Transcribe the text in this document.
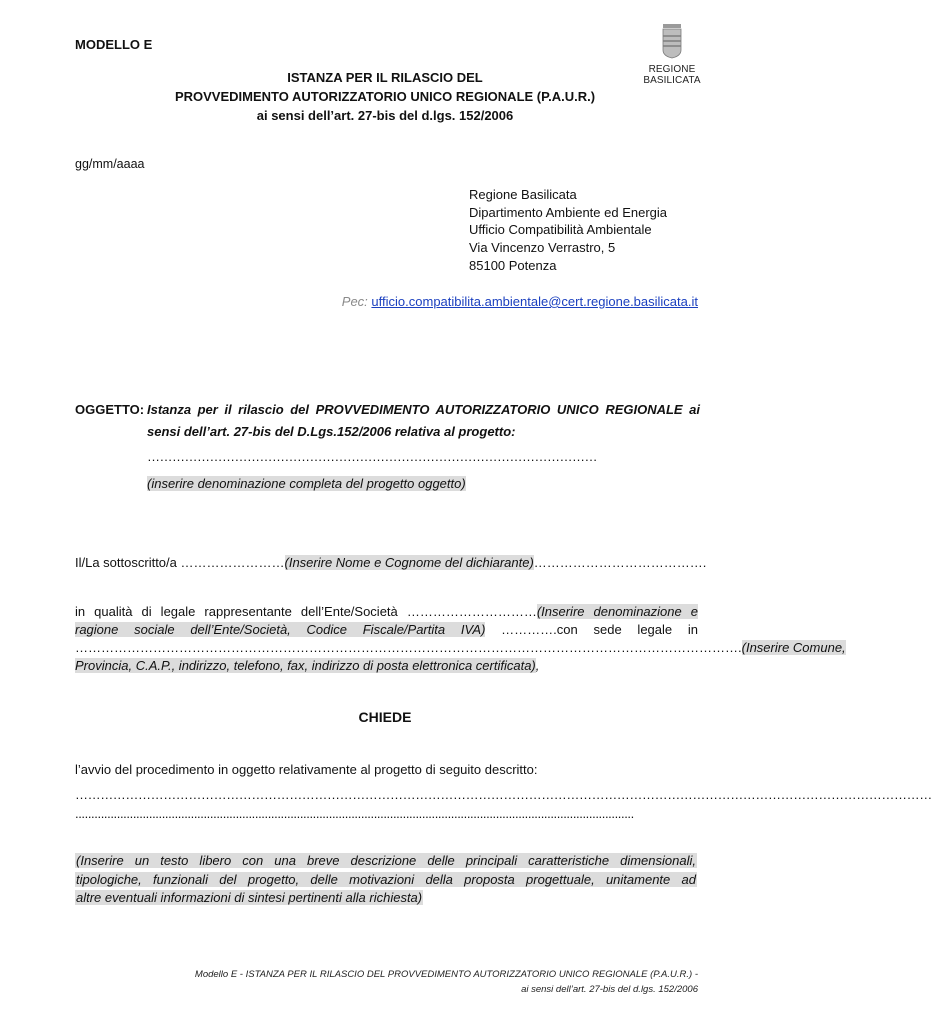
MODELLO E
REGIONE BASILICATA
ISTANZA PER IL RILASCIO DEL
PROVVEDIMENTO AUTORIZZATORIO UNICO REGIONALE (P.A.U.R.)
ai sensi dell’art. 27-bis del d.lgs. 152/2006
gg/mm/aaaa
Regione Basilicata
Dipartimento Ambiente ed Energia
Ufficio Compatibilità Ambientale
Via Vincenzo Verrastro, 5
85100 Potenza
Pec: ufficio.compatibilita.ambientale@cert.regione.basilicata.it
OGGETTO: Istanza per il rilascio del PROVVEDIMENTO AUTORIZZATORIO UNICO REGIONALE ai
sensi dell’art. 27-bis del D.Lgs.152/2006 relativa al progetto:
………………………………………………………………………………………………
(inserire denominazione completa del progetto oggetto)
Il/La sottoscritto/a ……………………(Inserire Nome e Cognome del dichiarante)………………………………….
in qualità di legale rappresentante dell’Ente/Società …………………………(Inserire denominazione e
ragione sociale dell’Ente/Società, Codice Fiscale/Partita IVA) ………….con sede legale in
……………………………………………………………………………………………………………………………………….(Inserire Comune,
Provincia, C.A.P., indirizzo, telefono, fax, indirizzo di posta elettronica certificata),
CHIEDE
l’avvio del procedimento in oggetto relativamente al progetto di seguito descritto:
……………………………………………………………………………………………………………………………………………………………………………………
..............................................................................................................................................................................
(Inserire un testo libero con una breve descrizione delle principali caratteristiche dimensionali,
tipologiche, funzionali del progetto, delle motivazioni della proposta progettuale, unitamente ad
altre eventuali informazioni di sintesi pertinenti alla richiesta)
Modello E - ISTANZA PER IL RILASCIO DEL PROVVEDIMENTO AUTORIZZATORIO UNICO REGIONALE (P.A.U.R.) -
ai sensi dell’art. 27-bis del d.lgs. 152/2006
